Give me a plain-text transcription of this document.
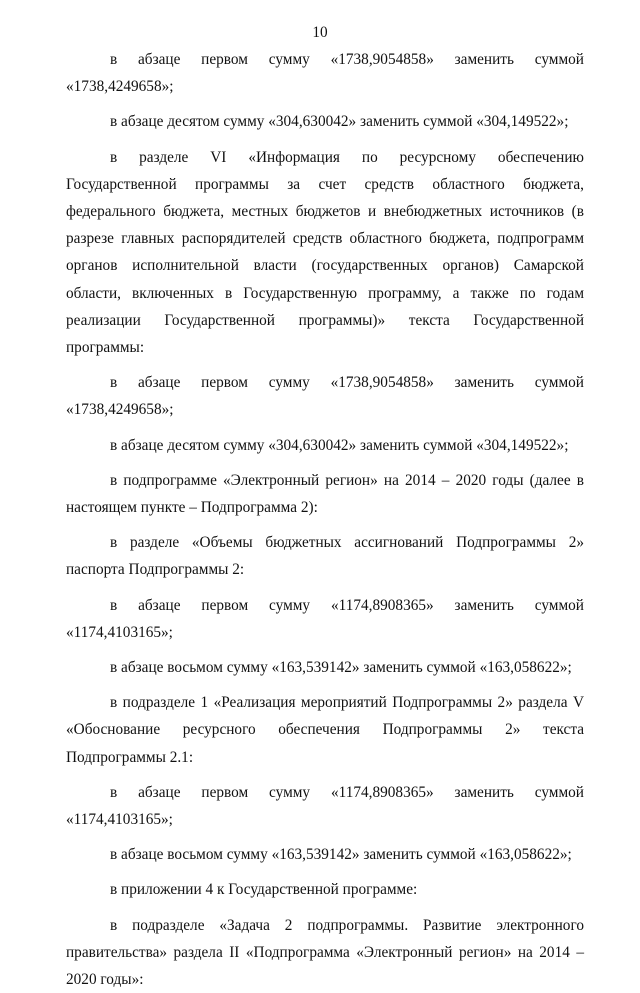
10

в абзаце первом сумму «1738,9054858» заменить суммой «1738,4249658»;

в абзаце десятом сумму «304,630042» заменить суммой «304,149522»;

в разделе VI «Информация по ресурсному обеспечению Государственной программы за счет средств областного бюджета, федерального бюджета, местных бюджетов и внебюджетных источников (в разрезе главных распорядителей средств областного бюджета, подпрограмм органов исполнительной власти (государственных органов) Самарской области, включенных в Государственную программу, а также по годам реализации Государственной программы)» текста Государственной программы:

в абзаце первом сумму «1738,9054858» заменить суммой «1738,4249658»;

в абзаце десятом сумму «304,630042» заменить суммой «304,149522»;

в подпрограмме «Электронный регион» на 2014 – 2020 годы (далее в настоящем пункте – Подпрограмма 2):

в разделе «Объемы бюджетных ассигнований Подпрограммы 2» паспорта Подпрограммы 2:

в абзаце первом сумму «1174,8908365» заменить суммой «1174,4103165»;

в абзаце восьмом сумму «163,539142» заменить суммой «163,058622»;

в подразделе 1 «Реализация мероприятий Подпрограммы 2» раздела V «Обоснование ресурсного обеспечения Подпрограммы 2» текста Подпрограммы 2.1:

в абзаце первом сумму «1174,8908365» заменить суммой «1174,4103165»;

в абзаце восьмом сумму «163,539142» заменить суммой «163,058622»;

в приложении 4 к Государственной программе:

в подразделе «Задача 2 подпрограммы. Развитие электронного правительства» раздела II «Подпрограмма «Электронный регион» на 2014 – 2020 годы»:
